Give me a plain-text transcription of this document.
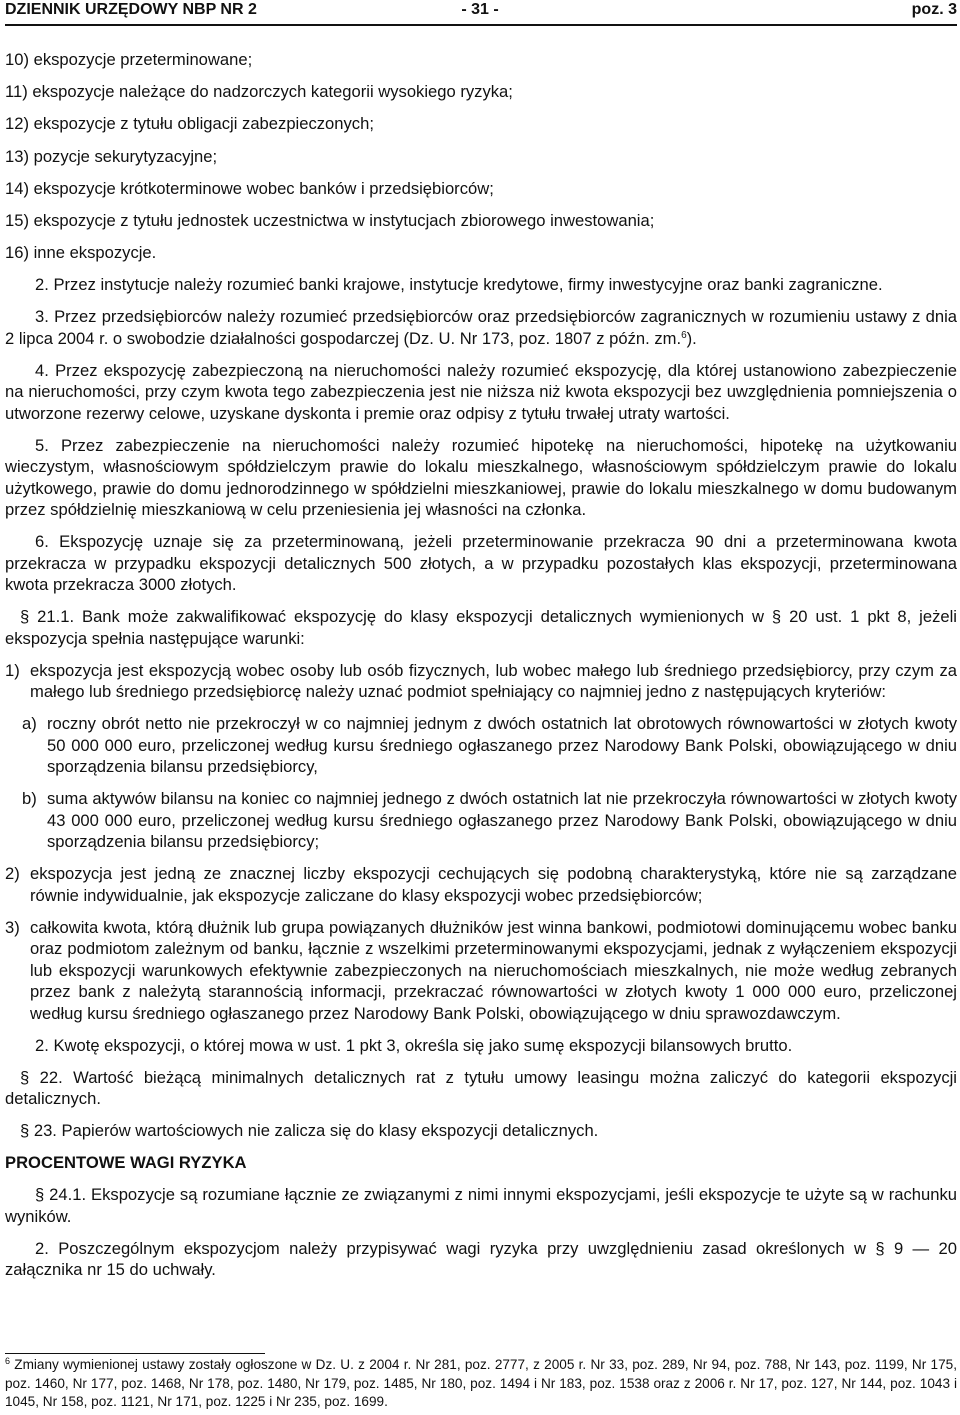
DZIENNIK URZĘDOWY NBP NR 2	- 31 -	poz. 3
10) ekspozycje przeterminowane;
11) ekspozycje należące do nadzorczych kategorii wysokiego ryzyka;
12) ekspozycje z tytułu obligacji zabezpieczonych;
13) pozycje sekurytyzacyjne;
14) ekspozycje krótkoterminowe wobec banków i przedsiębiorców;
15) ekspozycje z tytułu jednostek uczestnictwa w instytucjach zbiorowego inwestowania;
16) inne ekspozycje.
2. Przez instytucje należy rozumieć banki krajowe, instytucje kredytowe, firmy inwestycyjne oraz banki zagraniczne.
3. Przez przedsiębiorców należy rozumieć przedsiębiorców oraz przedsiębiorców zagranicznych w rozumieniu ustawy z dnia 2 lipca 2004 r. o swobodzie działalności gospodarczej (Dz. U. Nr 173, poz. 1807 z późn. zm.$^6$).
4. Przez ekspozycję zabezpieczoną na nieruchomości należy rozumieć ekspozycję, dla której ustanowiono zabezpieczenie na nieruchomości, przy czym kwota tego zabezpieczenia jest nie niższa niż kwota ekspozycji bez uwzględnienia pomniejszenia o utworzone rezerwy celowe, uzyskane dyskonta i premie oraz odpisy z tytułu trwałej utraty wartości.
5. Przez zabezpieczenie na nieruchomości należy rozumieć hipotekę na nieruchomości, hipotekę na użytkowaniu wieczystym, własnościowym spółdzielczym prawie do lokalu mieszkalnego, własnościowym spółdzielczym prawie do lokalu użytkowego, prawie do domu jednorodzinnego w spółdzielni mieszkaniowej, prawie do lokalu mieszkalnego w domu budowanym przez spółdzielnię mieszkaniową w celu przeniesienia jej własności na członka.
6. Ekspozycję uznaje się za przeterminowaną, jeżeli przeterminowanie przekracza 90 dni a przeterminowana kwota przekracza w przypadku ekspozycji detalicznych 500 złotych, a w przypadku pozostałych klas ekspozycji, przeterminowana kwota przekracza 3000 złotych.
§ 21.1. Bank może zakwalifikować ekspozycję do klasy ekspozycji detalicznych wymienionych w § 20 ust. 1 pkt 8, jeżeli ekspozycja spełnia następujące warunki:
1) ekspozycja jest ekspozycją wobec osoby lub osób fizycznych, lub wobec małego lub średniego przedsiębiorcy, przy czym za małego lub średniego przedsiębiorcę należy uznać podmiot spełniający co najmniej jedno z następujących kryteriów:
a) roczny obrót netto nie przekroczył w co najmniej jednym z dwóch ostatnich lat obrotowych równowartości w złotych kwoty 50 000 000 euro, przeliczonej według kursu średniego ogłaszanego przez Narodowy Bank Polski, obowiązującego w dniu sporządzenia bilansu przedsiębiorcy,
b) suma aktywów bilansu na koniec co najmniej jednego z dwóch ostatnich lat nie przekroczyła równowartości w złotych kwoty 43 000 000 euro, przeliczonej według kursu średniego ogłaszanego przez Narodowy Bank Polski, obowiązującego w dniu sporządzenia bilansu przedsiębiorcy;
2) ekspozycja jest jedną ze znacznej liczby ekspozycji cechujących się podobną charakterystyką, które nie są zarządzane równie indywidualnie, jak ekspozycje zaliczane do klasy ekspozycji wobec przedsiębiorców;
3) całkowita kwota, którą dłużnik lub grupa powiązanych dłużników jest winna bankowi, podmiotowi dominującemu wobec banku oraz podmiotom zależnym od banku, łącznie z wszelkimi przeterminowanymi ekspozycjami, jednak z wyłączeniem ekspozycji lub ekspozycji warunkowych efektywnie zabezpieczonych na nieruchomościach mieszkalnych, nie może według zebranych przez bank z należytą starannością informacji, przekraczać równowartości w złotych kwoty 1 000 000 euro, przeliczonej według kursu średniego ogłaszanego przez Narodowy Bank Polski, obowiązującego w dniu sprawozdawczym.
2. Kwotę ekspozycji, o której mowa w ust. 1 pkt 3, określa się jako sumę ekspozycji bilansowych brutto.
§ 22. Wartość bieżącą minimalnych detalicznych rat z tytułu umowy leasingu można zaliczyć do kategorii ekspozycji detalicznych.
§ 23. Papierów wartościowych nie zalicza się do klasy ekspozycji detalicznych.
PROCENTOWE WAGI RYZYKA
§ 24.1. Ekspozycje są rozumiane łącznie ze związanymi z nimi innymi ekspozycjami, jeśli ekspozycje te użyte są w rachunku wyników.
2. Poszczególnym ekspozycjom należy przypisywać wagi ryzyka przy uwzględnieniu zasad określonych w § 9 — 20 załącznika nr 15 do uchwały.
$^6$ Zmiany wymienionej ustawy zostały ogłoszone w Dz. U. z 2004 r. Nr 281, poz. 2777, z 2005 r. Nr 33, poz. 289, Nr 94, poz. 788, Nr 143, poz. 1199, Nr 175, poz. 1460, Nr 177, poz. 1468, Nr 178, poz. 1480, Nr 179, poz. 1485, Nr 180, poz. 1494 i Nr 183, poz. 1538 oraz z 2006 r. Nr 17, poz. 127, Nr 144, poz. 1043 i 1045, Nr 158, poz. 1121, Nr 171, poz. 1225 i Nr 235, poz. 1699.
